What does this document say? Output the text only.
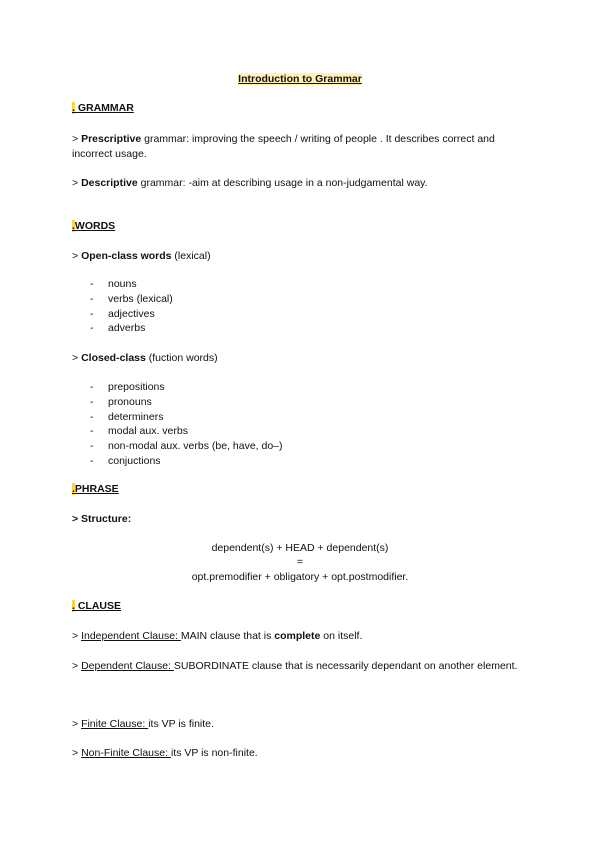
Introduction to Grammar
. GRAMMAR
> Prescriptive grammar: improving the speech / writing of people . It describes correct and incorrect usage.
> Descriptive grammar: -aim at describing usage in a non-judgamental way.
.WORDS
> Open-class words (lexical)
- nouns
- verbs (lexical)
- adjectives
- adverbs
> Closed-class (fuction words)
- prepositions
- pronouns
- determiners
- modal aux. verbs
- non-modal aux. verbs (be, have, do–)
- conjuctions
.PHRASE
> Structure:
dependent(s) + HEAD + dependent(s)
=
opt.premodifier + obligatory + opt.postmodifier.
. CLAUSE
> Independent Clause: MAIN clause that is complete on itself.
> Dependent Clause: SUBORDINATE clause that is necessarily dependant on another element.
> Finite Clause: its VP is finite.
> Non-Finite Clause: its VP is non-finite.
